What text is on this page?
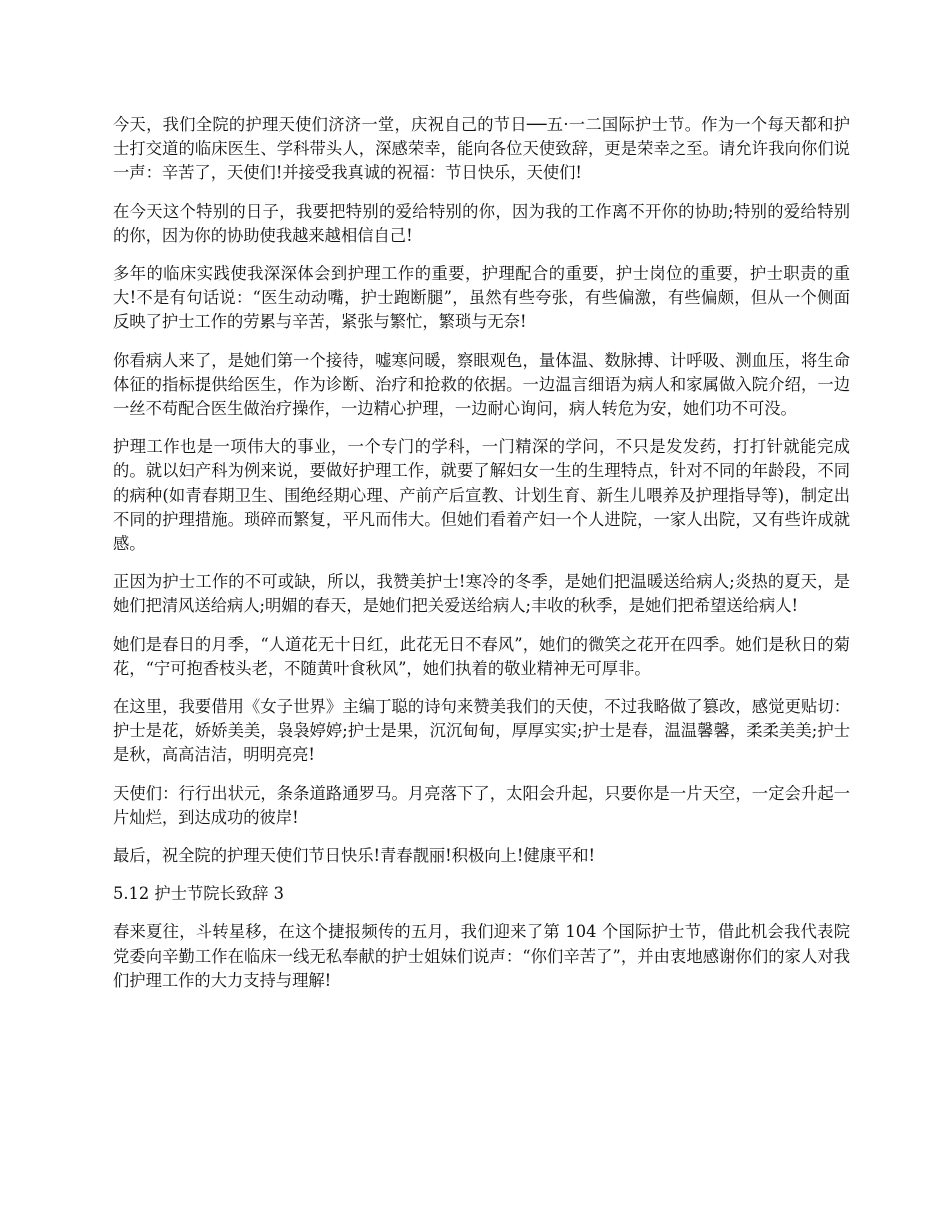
今天，我们全院的护理天使们济济一堂，庆祝自己的节日──五·一二国际护士节。作为一个每天都和护士打交道的临床医生、学科带头人，深感荣幸，能向各位天使致辞，更是荣幸之至。请允许我向你们说一声：辛苦了，天使们!并接受我真诚的祝福：节日快乐，天使们!

在今天这个特别的日子，我要把特别的爱给特别的你，因为我的工作离不开你的协助;特别的爱给特别的你，因为你的协助使我越来越相信自己!

多年的临床实践使我深深体会到护理工作的重要，护理配合的重要，护士岗位的重要，护士职责的重大!不是有句话说：“医生动动嘴，护士跑断腿”，虽然有些夸张，有些偏激，有些偏颇，但从一个侧面反映了护士工作的劳累与辛苦，紧张与繁忙，繁琐与无奈!

你看病人来了，是她们第一个接待，嘘寒问暖，察眼观色，量体温、数脉搏、计呼吸、测血压，将生命体征的指标提供给医生，作为诊断、治疗和抢救的依据。一边温言细语为病人和家属做入院介绍，一边一丝不苟配合医生做治疗操作，一边精心护理，一边耐心询问，病人转危为安，她们功不可没。

护理工作也是一项伟大的事业，一个专门的学科，一门精深的学问，不只是发发药，打打针就能完成的。就以妇产科为例来说，要做好护理工作，就要了解妇女一生的生理特点，针对不同的年龄段，不同的病种(如青春期卫生、围绝经期心理、产前产后宣教、计划生育、新生儿喂养及护理指导等)，制定出不同的护理措施。琐碎而繁复，平凡而伟大。但她们看着产妇一个人进院，一家人出院，又有些许成就感。

正因为护士工作的不可或缺，所以，我赞美护士!寒冷的冬季，是她们把温暖送给病人;炎热的夏天，是她们把清风送给病人;明媚的春天，是她们把关爱送给病人;丰收的秋季，是她们把希望送给病人!

她们是春日的月季，“人道花无十日红，此花无日不春风”，她们的微笑之花开在四季。她们是秋日的菊花，“宁可抱香枝头老，不随黄叶食秋风”，她们执着的敬业精神无可厚非。

在这里，我要借用《女子世界》主编丁聪的诗句来赞美我们的天使，不过我略做了篡改，感觉更贴切：护士是花，娇娇美美，袅袅婷婷;护士是果，沉沉甸甸，厚厚实实;护士是春，温温馨馨，柔柔美美;护士是秋，高高洁洁，明明亮亮!

天使们：行行出状元，条条道路通罗马。月亮落下了，太阳会升起，只要你是一片天空，一定会升起一片灿烂，到达成功的彼岸!

最后，祝全院的护理天使们节日快乐!青春靓丽!积极向上!健康平和!

5.12 护士节院长致辞 3

春来夏往，斗转星移，在这个捷报频传的五月，我们迎来了第 104 个国际护士节，借此机会我代表院党委向辛勤工作在临床一线无私奉献的护士姐妹们说声：“你们辛苦了”，并由衷地感谢你们的家人对我们护理工作的大力支持与理解!
